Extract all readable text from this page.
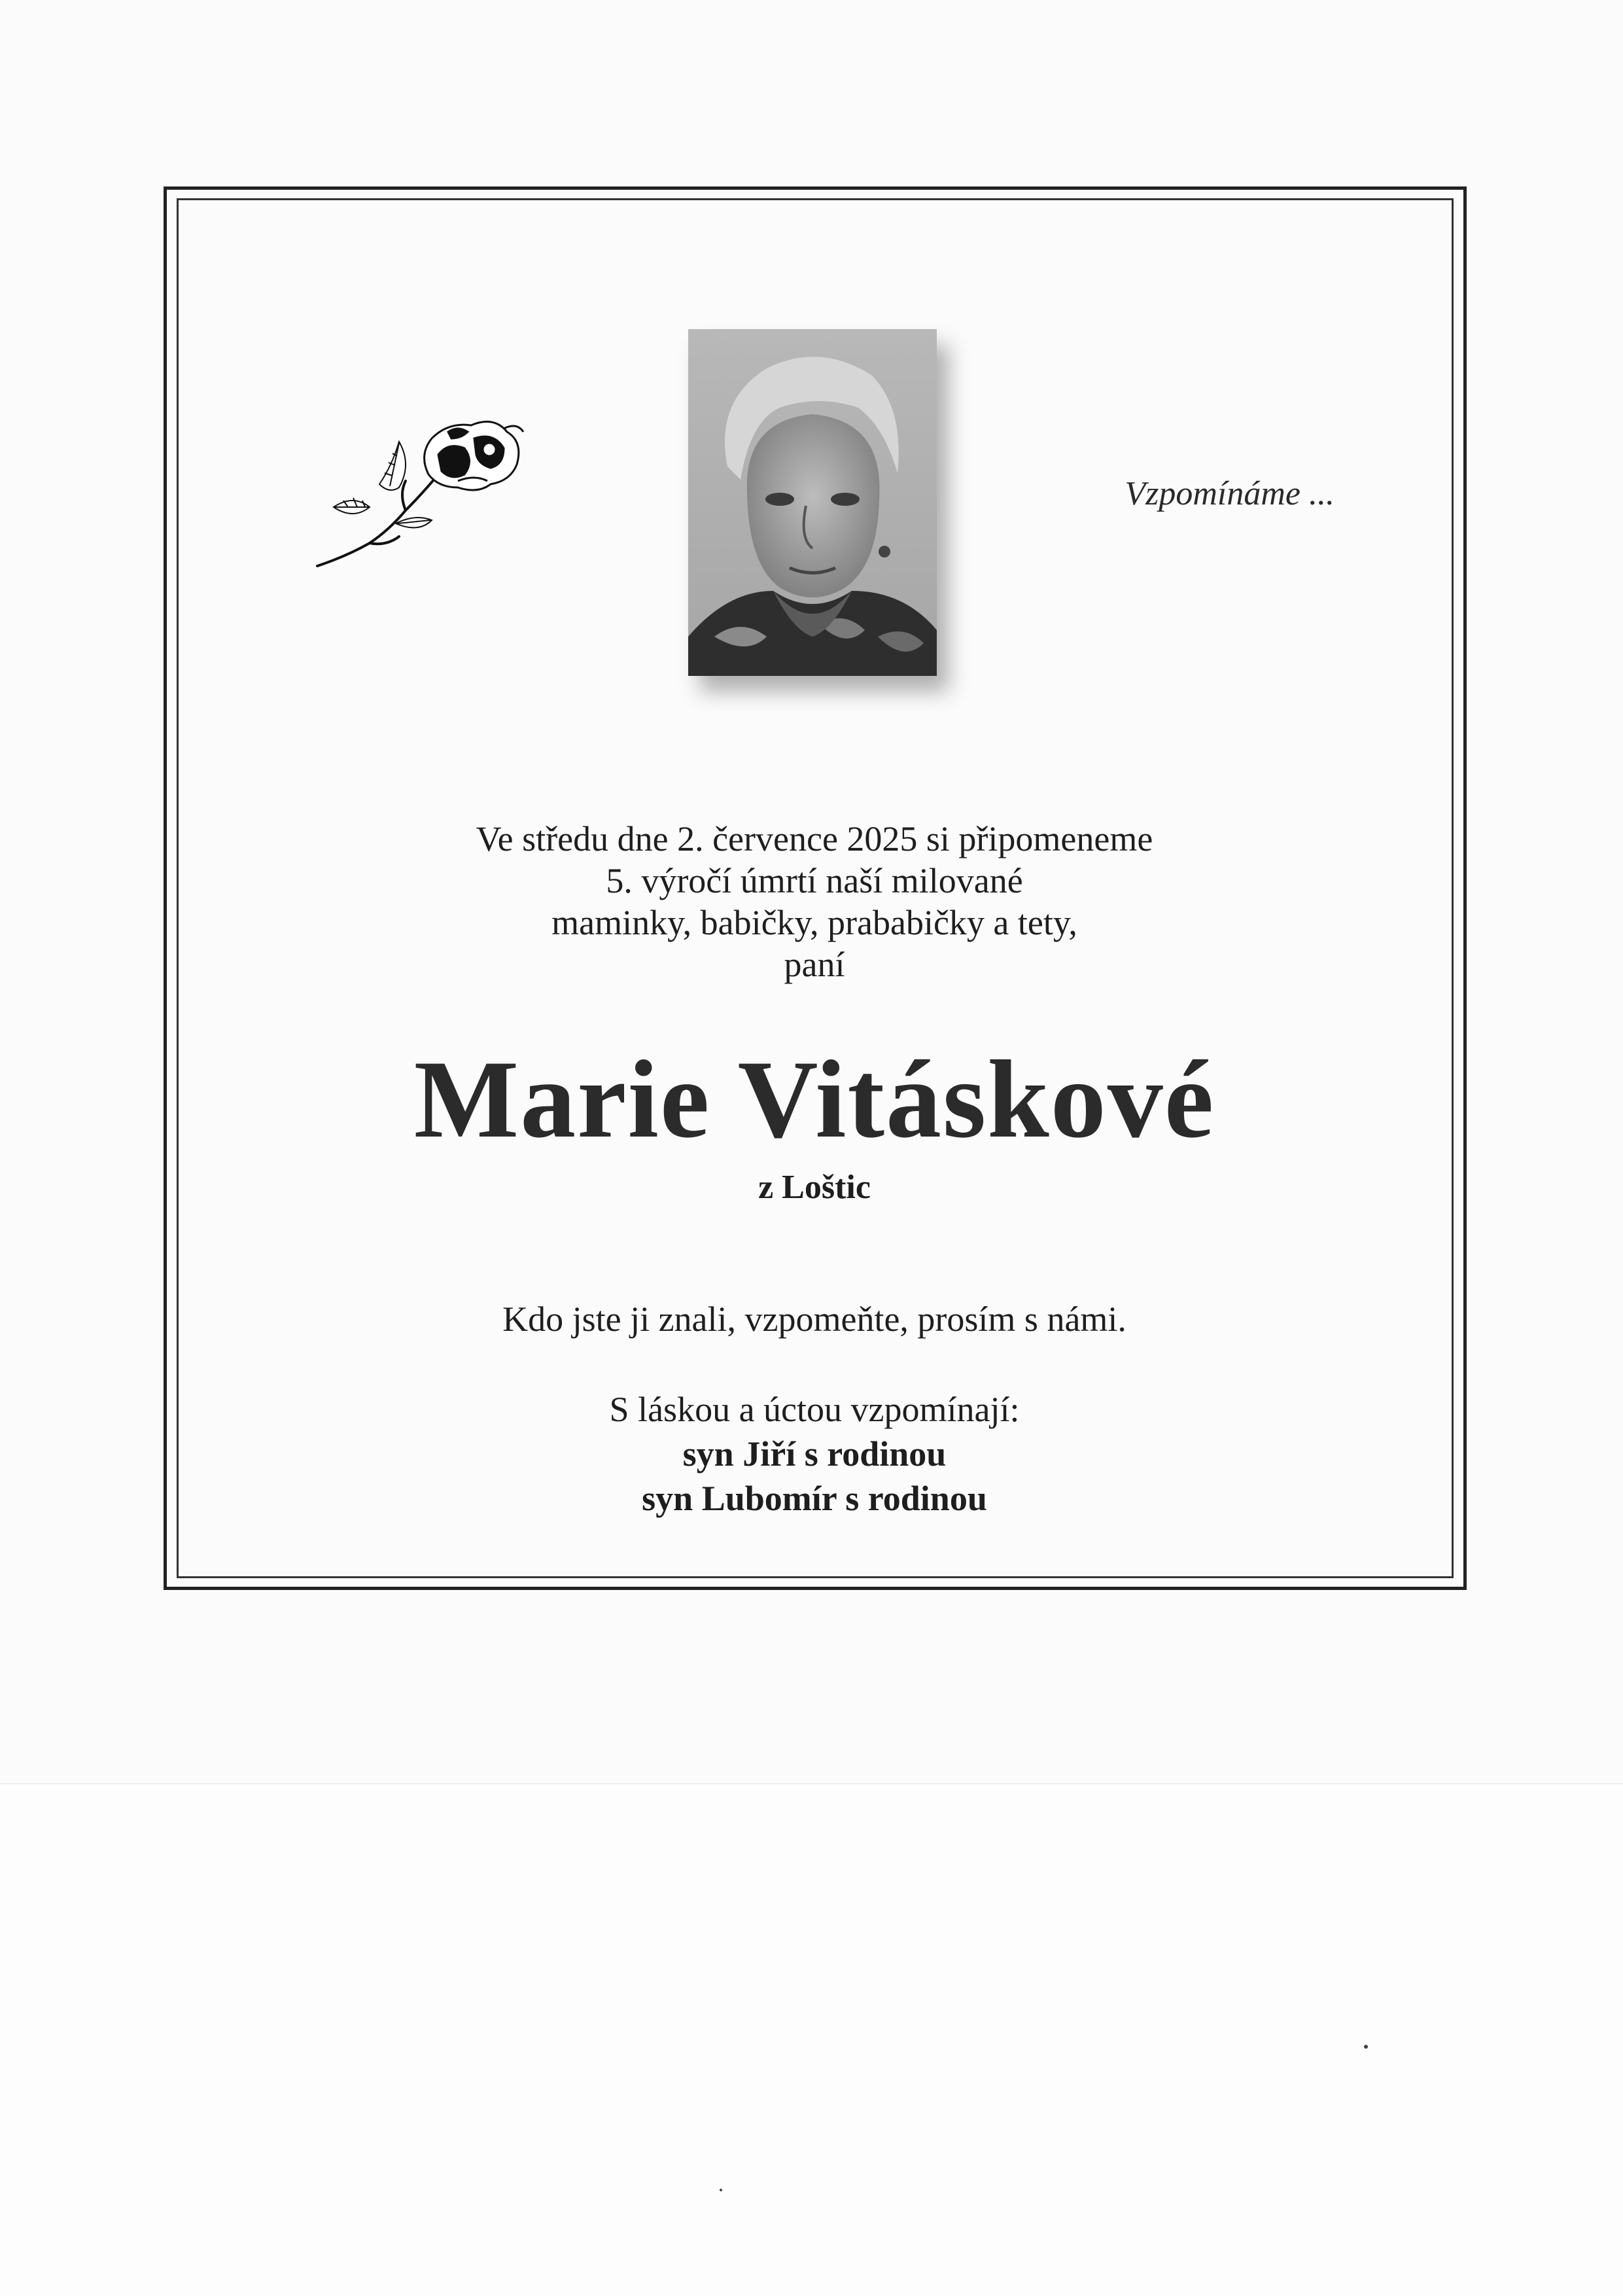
Vzpomínáme ...
Ve středu dne 2. července 2025 si připomeneme
5. výročí úmrtí naší milované
maminky, babičky, prababičky a tety,
paní
Marie Vitáskové
z Loštic
Kdo jste ji znali, vzpomeňte, prosím s námi.
S láskou a úctou vzpomínají:
syn Jiří s rodinou
syn Lubomír s rodinou
